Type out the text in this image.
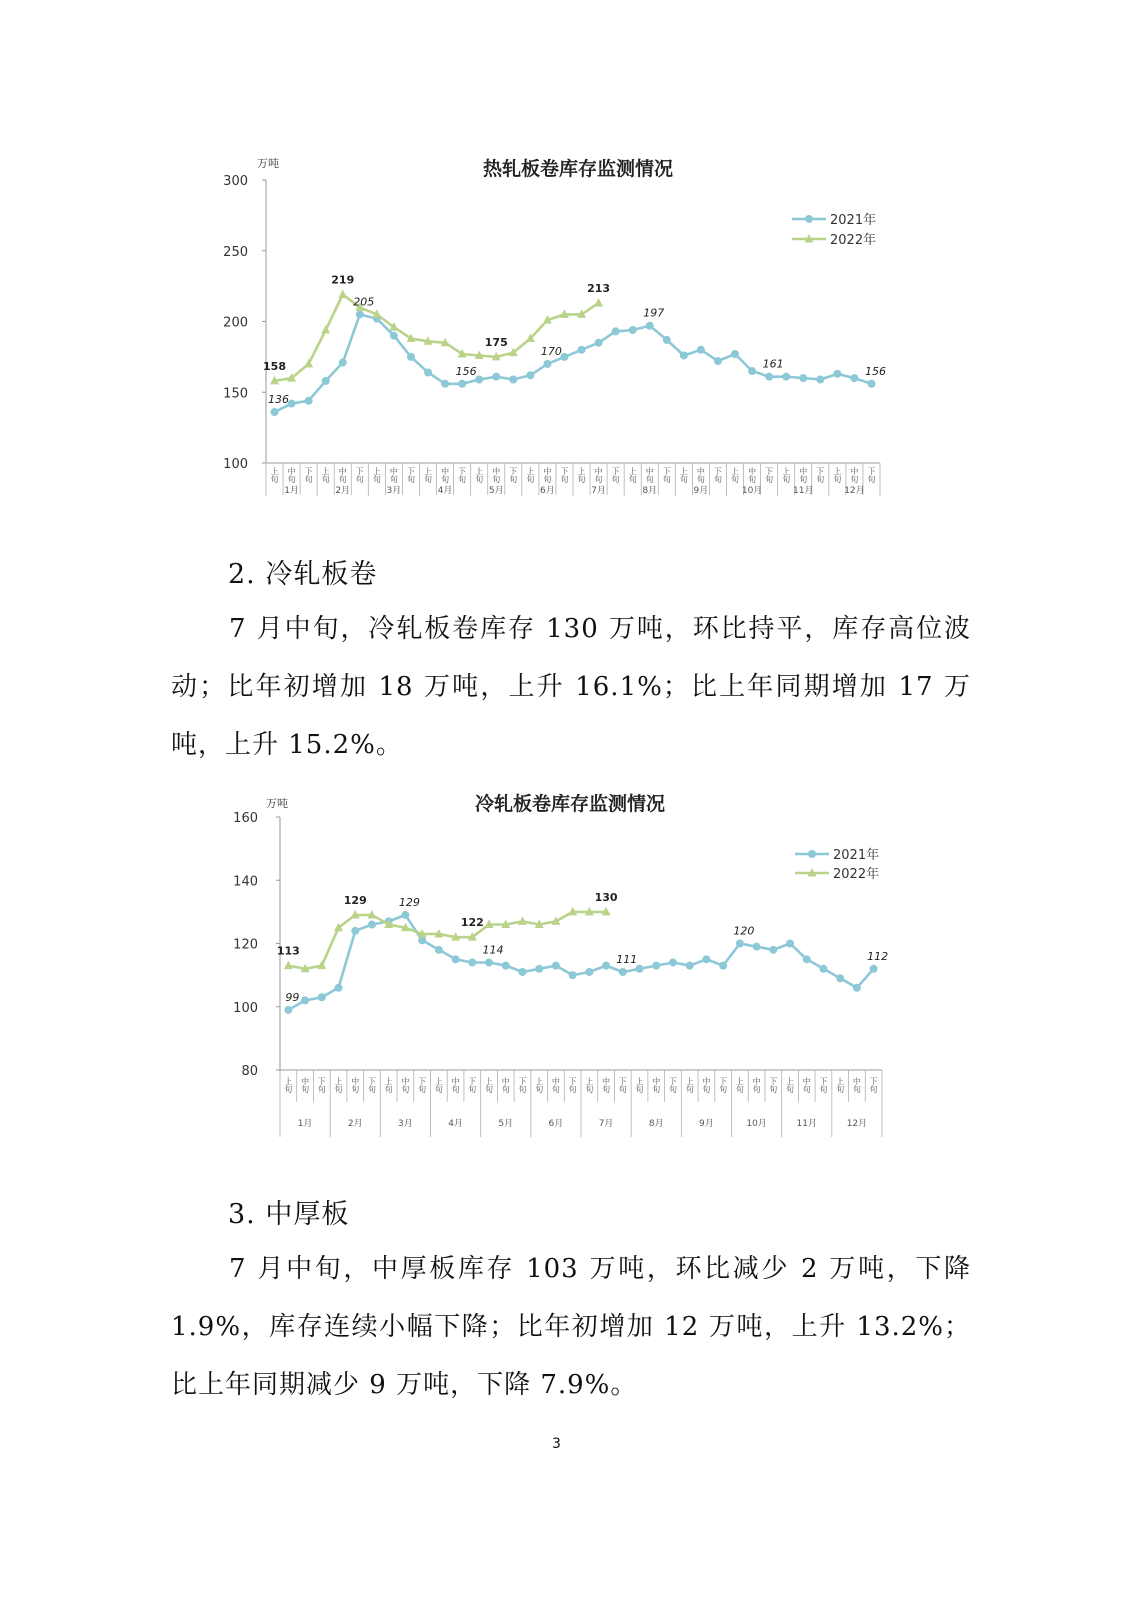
热轧板卷库存监测情况
万吨
300
250
200
150
100
上旬 中旬 下旬 上旬 中旬 下旬 上旬 中旬 下旬 上旬 中旬 下旬 上旬 中旬 下旬 上旬 中旬 下旬 上旬 中旬 下旬 上旬 中旬 下旬 上旬 中旬 下旬 上旬 中旬 下旬 上旬 中旬 下旬 上旬 中旬 下旬
1月	2月	3月	4月	5月	6月	7月	8月	9月	10月	11月	12月
136
205
156
170
197
161
156
158
219
175
213
2021年
2022年

2. 冷轧板卷

7 月中旬，冷轧板卷库存 130 万吨，环比持平，库存高位波动；比年初增加 18 万吨，上升 16.1%；比上年同期增加 17 万吨，上升 15.2%。

冷轧板卷库存监测情况
万吨
160
140
120
100
80
上旬 中旬 下旬 上旬 中旬 下旬 上旬 中旬 下旬 上旬 中旬 下旬 上旬 中旬 下旬 上旬 中旬 下旬 上旬 中旬 下旬 上旬 中旬 下旬 上旬 中旬 下旬 上旬 中旬 下旬 上旬 中旬 下旬 上旬 中旬 下旬
1月	2月	3月	4月	5月	6月	7月	8月	9月	10月	11月	12月
99
129
114
111
120
112
113
129
122
130
2021年
2022年

3. 中厚板

7 月中旬，中厚板库存 103 万吨，环比减少 2 万吨，下降 1.9%，库存连续小幅下降；比年初增加 12 万吨，上升 13.2%；比上年同期减少 9 万吨，下降 7.9%。

3
